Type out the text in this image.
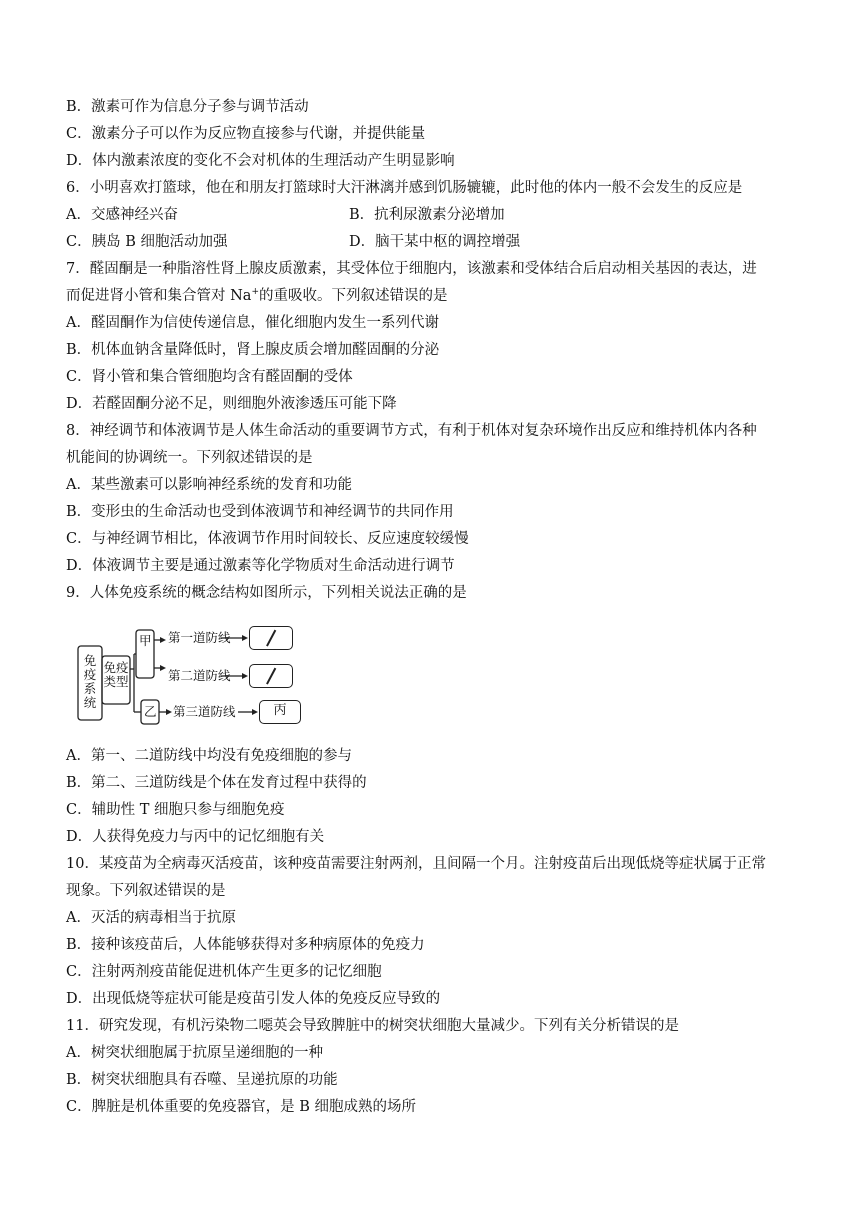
B．激素可作为信息分子参与调节活动
C．激素分子可以作为反应物直接参与代谢，并提供能量
D．体内激素浓度的变化不会对机体的生理活动产生明显影响
6．小明喜欢打篮球，他在和朋友打篮球时大汗淋漓并感到饥肠辘辘，此时他的体内一般不会发生的反应是
A．交感神经兴奋	B．抗利尿激素分泌增加
C．胰岛 B 细胞活动加强	D．脑干某中枢的调控增强
7．醛固酮是一种脂溶性肾上腺皮质激素，其受体位于细胞内，该激素和受体结合后启动相关基因的表达，进
而促进肾小管和集合管对 Na+的重吸收。下列叙述错误的是
A．醛固酮作为信使传递信息，催化细胞内发生一系列代谢
B．机体血钠含量降低时，肾上腺皮质会增加醛固酮的分泌
C．肾小管和集合管细胞均含有醛固酮的受体
D．若醛固酮分泌不足，则细胞外液渗透压可能下降
8．神经调节和体液调节是人体生命活动的重要调节方式，有利于机体对复杂环境作出反应和维持机体内各种
机能间的协调统一。下列叙述错误的是
A．某些激素可以影响神经系统的发育和功能
B．变形虫的生命活动也受到体液调节和神经调节的共同作用
C．与神经调节相比，体液调节作用时间较长、反应速度较缓慢
D．体液调节主要是通过激素等化学物质对生命活动进行调节
9．人体免疫系统的概念结构如图所示，下列相关说法正确的是
免疫系统
免疫类型
甲
乙
第一道防线
第二道防线
第三道防线	丙
A．第一、二道防线中均没有免疫细胞的参与
B．第二、三道防线是个体在发育过程中获得的
C．辅助性 T 细胞只参与细胞免疫
D．人获得免疫力与丙中的记忆细胞有关
10．某疫苗为全病毒灭活疫苗，该种疫苗需要注射两剂，且间隔一个月。注射疫苗后出现低烧等症状属于正常
现象。下列叙述错误的是
A．灭活的病毒相当于抗原
B．接种该疫苗后，人体能够获得对多种病原体的免疫力
C．注射两剂疫苗能促进机体产生更多的记忆细胞
D．出现低烧等症状可能是疫苗引发人体的免疫反应导致的
11．研究发现，有机污染物二噁英会导致脾脏中的树突状细胞大量减少。下列有关分析错误的是
A．树突状细胞属于抗原呈递细胞的一种
B．树突状细胞具有吞噬、呈递抗原的功能
C．脾脏是机体重要的免疫器官，是 B 细胞成熟的场所
